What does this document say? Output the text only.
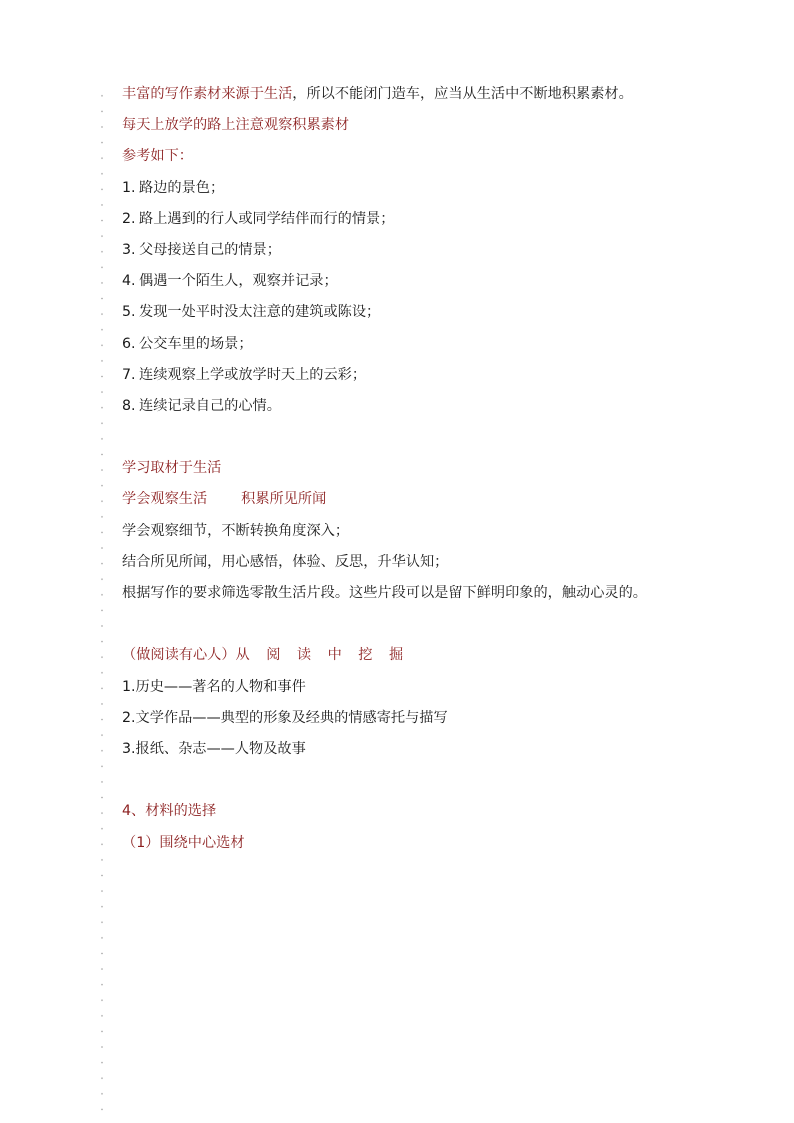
丰富的写作素材来源于生活，所以不能闭门造车，应当从生活中不断地积累素材。
每天上放学的路上注意观察积累素材
参考如下：
1. 路边的景色；
2. 路上遇到的行人或同学结伴而行的情景；
3. 父母接送自己的情景；
4. 偶遇一个陌生人，观察并记录；
5. 发现一处平时没太注意的建筑或陈设；
6. 公交车里的场景；
7. 连续观察上学或放学时天上的云彩；
8. 连续记录自己的心情。
学习取材于生活
学会观察生活 积累所见所闻
学会观察细节，不断转换角度深入；
结合所见所闻，用心感悟，体验、反思，升华认知；
根据写作的要求筛选零散生活片段。这些片段可以是留下鲜明印象的，触动心灵的。
（做阅读有心人）从 阅 读 中 挖 掘
1.历史——著名的人物和事件
2.文学作品——典型的形象及经典的情感寄托与描写
3.报纸、杂志——人物及故事
4、材料的选择
（1）围绕中心选材
